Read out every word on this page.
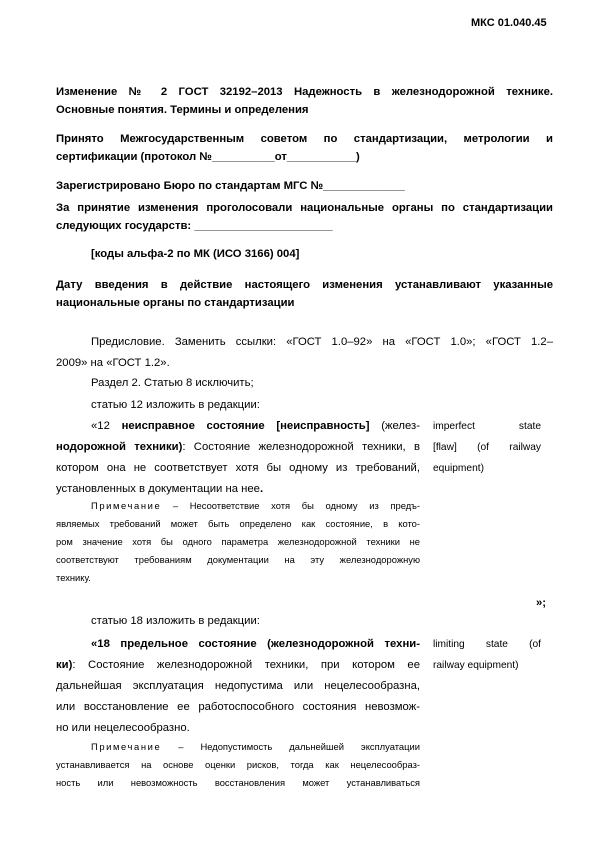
МКС 01.040.45

Изменение № 2 ГОСТ 32192–2013 Надежность в железнодорожной технике.
Основные понятия. Термины и определения
Принято Межгосударственным советом по стандартизации, метрологии и
сертификации (протокол №__________от___________)
Зарегистрировано Бюро по стандартам МГС №_____________
За принятие изменения проголосовали национальные органы по стандартизации
следующих государств: ______________________
[коды альфа-2 по МК (ИСО 3166) 004]
Дату введения в действие настоящего изменения устанавливают указанные
национальные органы по стандартизации
Предисловие. Заменить ссылки: «ГОСТ 1.0–92» на «ГОСТ 1.0»; «ГОСТ 1.2–
2009» на «ГОСТ 1.2».
Раздел 2. Статью 8 исключить;
статью 12 изложить в редакции:
«12 неисправное состояние [неисправность] (желез-
нодорожной техники): Состояние железнодорожной техники, в
котором она не соответствует хотя бы одному из требований,
установленных в документации на нее.
imperfect state
[flaw] (of railway
equipment)
Примечание – Несоответствие хотя бы одному из предъ-
являемых требований может быть определено как состояние, в кото-
ром значение хотя бы одного параметра железнодорожной техники не
соответствуют требованиям документации на эту железнодорожную
технику.
»;
статью 18 изложить в редакции:
«18 предельное состояние (железнодорожной техни-
ки): Состояние железнодорожной техники, при котором ее
дальнейшая эксплуатация недопустима или нецелесообразна,
или восстановление ее работоспособного состояния невозмож-
но или нецелесообразно.
limiting state (of
railway equipment)
Примечание – Недопустимость дальнейшей эксплуатации
устанавливается на основе оценки рисков, тогда как нецелесообраз-
ность или невозможность восстановления может устанавливаться
